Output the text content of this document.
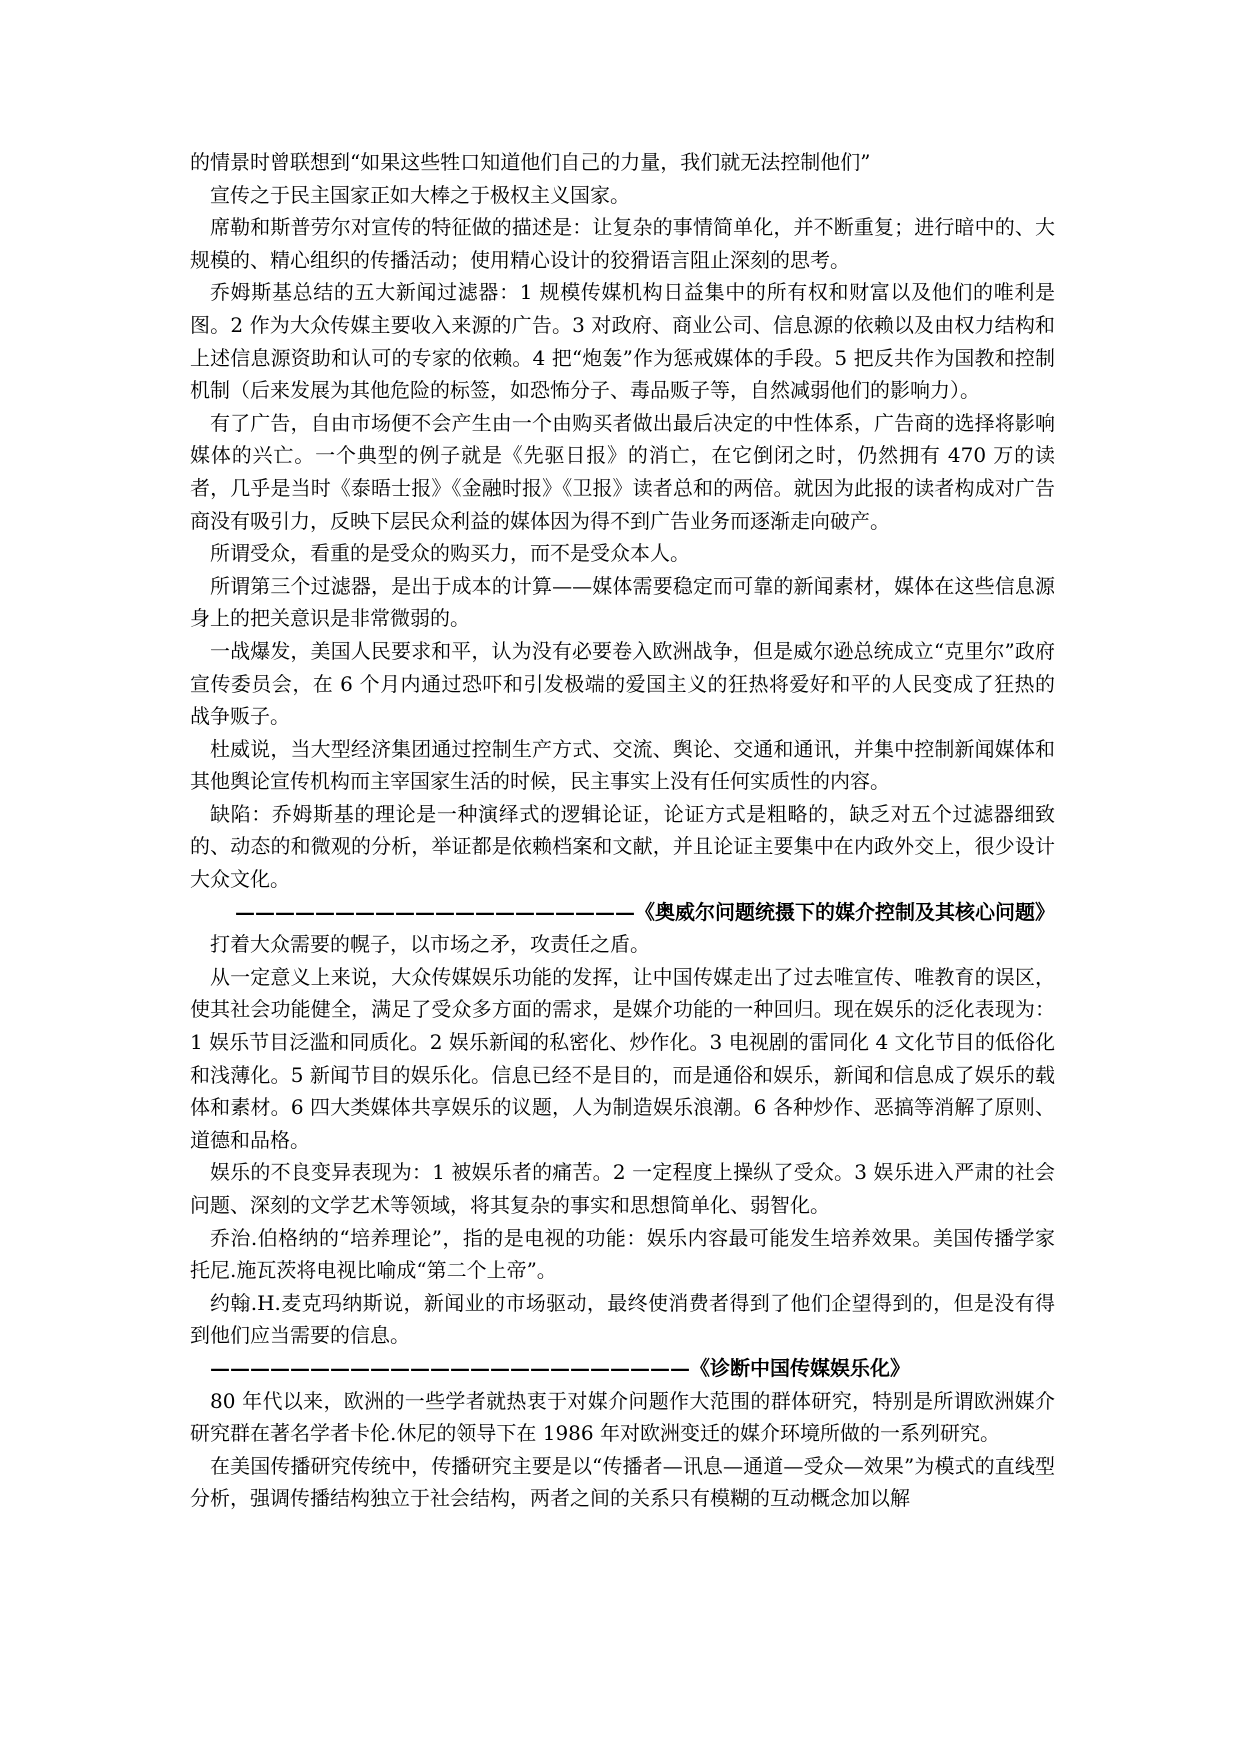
的情景时曾联想到“如果这些牲口知道他们自己的力量，我们就无法控制他们”

宣传之于民主国家正如大棒之于极权主义国家。

席勒和斯普劳尔对宣传的特征做的描述是：让复杂的事情简单化，并不断重复；进行暗中的、大规模的、精心组织的传播活动；使用精心设计的狡猾语言阻止深刻的思考。

乔姆斯基总结的五大新闻过滤器：1 规模传媒机构日益集中的所有权和财富以及他们的唯利是图。2 作为大众传媒主要收入来源的广告。3 对政府、商业公司、信息源的依赖以及由权力结构和上述信息源资助和认可的专家的依赖。4 把“炮轰”作为惩戒媒体的手段。5 把反共作为国教和控制机制（后来发展为其他危险的标签，如恐怖分子、毒品贩子等，自然减弱他们的影响力）。

有了广告，自由市场便不会产生由一个由购买者做出最后决定的中性体系，广告商的选择将影响媒体的兴亡。一个典型的例子就是《先驱日报》的消亡，在它倒闭之时，仍然拥有 470 万的读者，几乎是当时《泰晤士报》《金融时报》《卫报》读者总和的两倍。就因为此报的读者构成对广告商没有吸引力，反映下层民众利益的媒体因为得不到广告业务而逐渐走向破产。

所谓受众，看重的是受众的购买力，而不是受众本人。

所谓第三个过滤器，是出于成本的计算——媒体需要稳定而可靠的新闻素材，媒体在这些信息源身上的把关意识是非常微弱的。

一战爆发，美国人民要求和平，认为没有必要卷入欧洲战争，但是威尔逊总统成立“克里尔”政府宣传委员会，在 6 个月内通过恐吓和引发极端的爱国主义的狂热将爱好和平的人民变成了狂热的战争贩子。

杜威说，当大型经济集团通过控制生产方式、交流、舆论、交通和通讯，并集中控制新闻媒体和其他舆论宣传机构而主宰国家生活的时候，民主事实上没有任何实质性的内容。

缺陷：乔姆斯基的理论是一种演绎式的逻辑论证，论证方式是粗略的，缺乏对五个过滤器细致的、动态的和微观的分析，举证都是依赖档案和文献，并且论证主要集中在内政外交上，很少设计大众文化。

————————————————————《奥威尔问题统摄下的媒介控制及其核心问题》

打着大众需要的幌子，以市场之矛，攻责任之盾。

从一定意义上来说，大众传媒娱乐功能的发挥，让中国传媒走出了过去唯宣传、唯教育的误区，使其社会功能健全，满足了受众多方面的需求，是媒介功能的一种回归。现在娱乐的泛化表现为：1 娱乐节目泛滥和同质化。2 娱乐新闻的私密化、炒作化。3 电视剧的雷同化 4 文化节目的低俗化和浅薄化。5 新闻节目的娱乐化。信息已经不是目的，而是通俗和娱乐，新闻和信息成了娱乐的载体和素材。6 四大类媒体共享娱乐的议题，人为制造娱乐浪潮。6 各种炒作、恶搞等消解了原则、道德和品格。

娱乐的不良变异表现为：1 被娱乐者的痛苦。2 一定程度上操纵了受众。3 娱乐进入严肃的社会问题、深刻的文学艺术等领域，将其复杂的事实和思想简单化、弱智化。

乔治.伯格纳的“培养理论”，指的是电视的功能：娱乐内容最可能发生培养效果。美国传播学家托尼.施瓦茨将电视比喻成“第二个上帝”。

约翰.H.麦克玛纳斯说，新闻业的市场驱动，最终使消费者得到了他们企望得到的，但是没有得到他们应当需要的信息。

————————————————————————《诊断中国传媒娱乐化》

80 年代以来，欧洲的一些学者就热衷于对媒介问题作大范围的群体研究，特别是所谓欧洲媒介研究群在著名学者卡伦.休尼的领导下在 1986 年对欧洲变迁的媒介环境所做的一系列研究。

在美国传播研究传统中，传播研究主要是以“传播者—讯息—通道—受众—效果”为模式的直线型分析，强调传播结构独立于社会结构，两者之间的关系只有模糊的互动概念加以解
